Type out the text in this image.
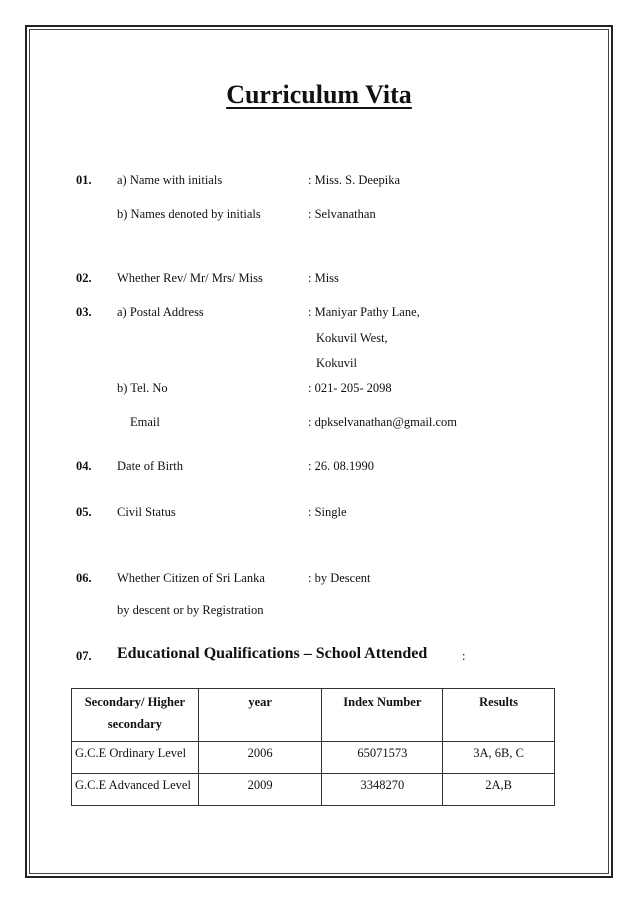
Curriculum Vita
01. a) Name with initials	: Miss. S. Deepika
b) Names denoted by initials	: Selvanathan
02. Whether Rev/ Mr/ Mrs/ Miss	: Miss
03. a) Postal Address	: Maniyar Pathy Lane,
Kokuvil West,
Kokuvil
b) Tel. No	: 021- 205- 2098
Email	: dpkselvanathan@gmail.com
04. Date of Birth	: 26. 08.1990
05. Civil Status	: Single
06. Whether Citizen of Sri Lanka	: by Descent
by descent or by Registration
07. Educational Qualifications – School Attended	:
Secondary/ Higher
secondary	year	Index Number	Results
G.C.E Ordinary Level	2006	65071573	3A, 6B, C
G.C.E Advanced Level	2009	3348270	2A,B
